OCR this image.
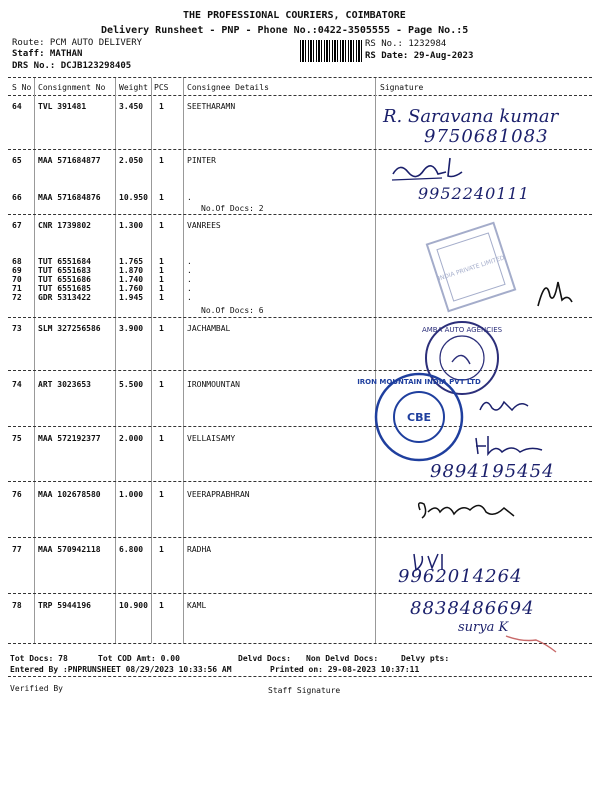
THE PROFESSIONAL COURIERS, COIMBATORE
Delivery Runsheet - PNP - Phone No.:0422-3505555 - Page No.:5
Route: PCM AUTO DELIVERY
Staff: MATHAN
DRS No.: DCJB123298405
RS No.: 1232984
RS Date: 29-Aug-2023
S No Consignment No Weight PCS Consignee Details	Signature
64 TVL 391481	3.450 1	SEETHARAMN
65 MAA 571684877 2.050 1	PINTER
66 MAA 571684876 10.950 1	.
No.Of Docs: 2
67 CNR 1739802	1.300 1	VANREES
68 TUT 6551684	1.765 1	.
69 TUT 6551683	1.870 1	.
70 TUT 6551686	1.740 1	.
71 TUT 6551685	1.760 1	.
72 GDR 5313422	1.945 1	.
No.Of Docs: 6
73 SLM 327256586 3.900 1	JACHAMBAL
74 ART 3023653	5.500 1	IRONMOUNTAN
75 MAA 572192377 2.000 1	VELLAISAMY
76 MAA 102678580 1.000 1	VEERAPRABHRAN
77 MAA 570942118 6.800 1	RADHA
78 TRP 5944196	10.900 1	KAML
R. Saravana kumar
9750681083
9952240111
INDIA PRIVATE LIMITED
AMBA AUTO AGENCIES
IRON MOUNTAIN INDIA PVT LTD
CBE
9894195454
9962014264
8838486694
surya K
Tot Docs: 78	Tot COD Amt: 0.00	Delvd Docs: Non Delvd Docs:	Delvy pts:
Entered By :PNPRUNSHEET 08/29/2023 10:33:56 AM	Printed on: 29-08-2023 10:37:11
Verified By	Staff Signature
